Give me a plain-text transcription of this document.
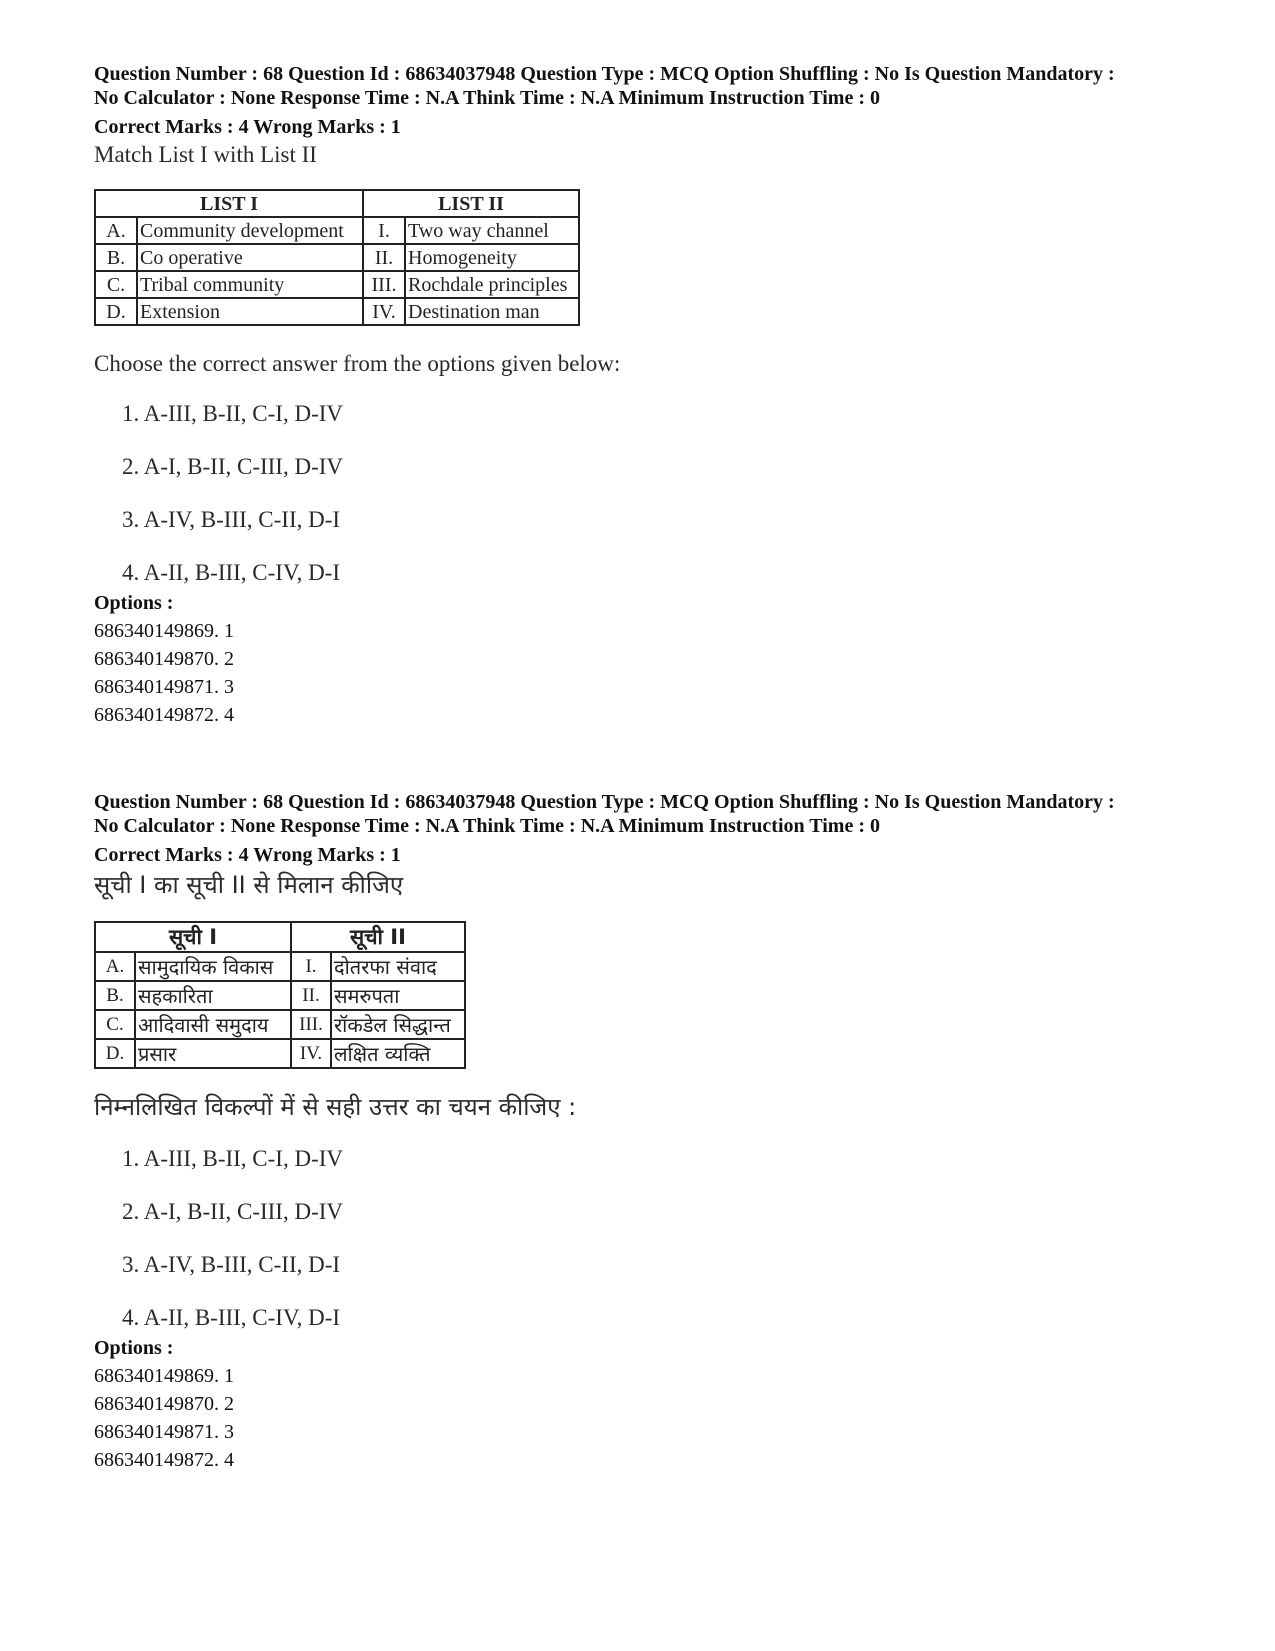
Question Number : 68 Question Id : 68634037948 Question Type : MCQ Option Shuffling : No Is Question Mandatory :

No Calculator : None Response Time : N.A Think Time : N.A Minimum Instruction Time : 0

Correct Marks : 4 Wrong Marks : 1

Match List I with List II

LIST I		LIST II	
A.	Community development	I.	Two way channel
B.	Co operative	II.	Homogeneity
C.	Tribal community	III.	Rochdale principles
D.	Extension	IV.	Destination man

Choose the correct answer from the options given below:

1. A-III, B-II, C-I, D-IV
2. A-I, B-II, C-III, D-IV
3. A-IV, B-III, C-II, D-I
4. A-II, B-III, C-IV, D-I

Options :

686340149869. 1

686340149870. 2

686340149871. 3

686340149872. 4

Question Number : 68 Question Id : 68634037948 Question Type : MCQ Option Shuffling : No Is Question Mandatory :

No Calculator : None Response Time : N.A Think Time : N.A Minimum Instruction Time : 0

Correct Marks : 4 Wrong Marks : 1

सूची I का सूची II से मिलान कीजिए

सूची I		सूची II	
A.	सामुदायिक विकास	I.	दोतरफा संवाद
B.	सहकारिता	II.	समरुपता
C.	आदिवासी समुदाय	III.	रॉकडेल सिद्धान्त
D.	प्रसार	IV.	लक्षित व्यक्ति

निम्नलिखित विकल्पों में से सही उत्तर का चयन कीजिए :

1. A-III, B-II, C-I, D-IV
2. A-I, B-II, C-III, D-IV
3. A-IV, B-III, C-II, D-I
4. A-II, B-III, C-IV, D-I

Options :

686340149869. 1

686340149870. 2

686340149871. 3

686340149872. 4
